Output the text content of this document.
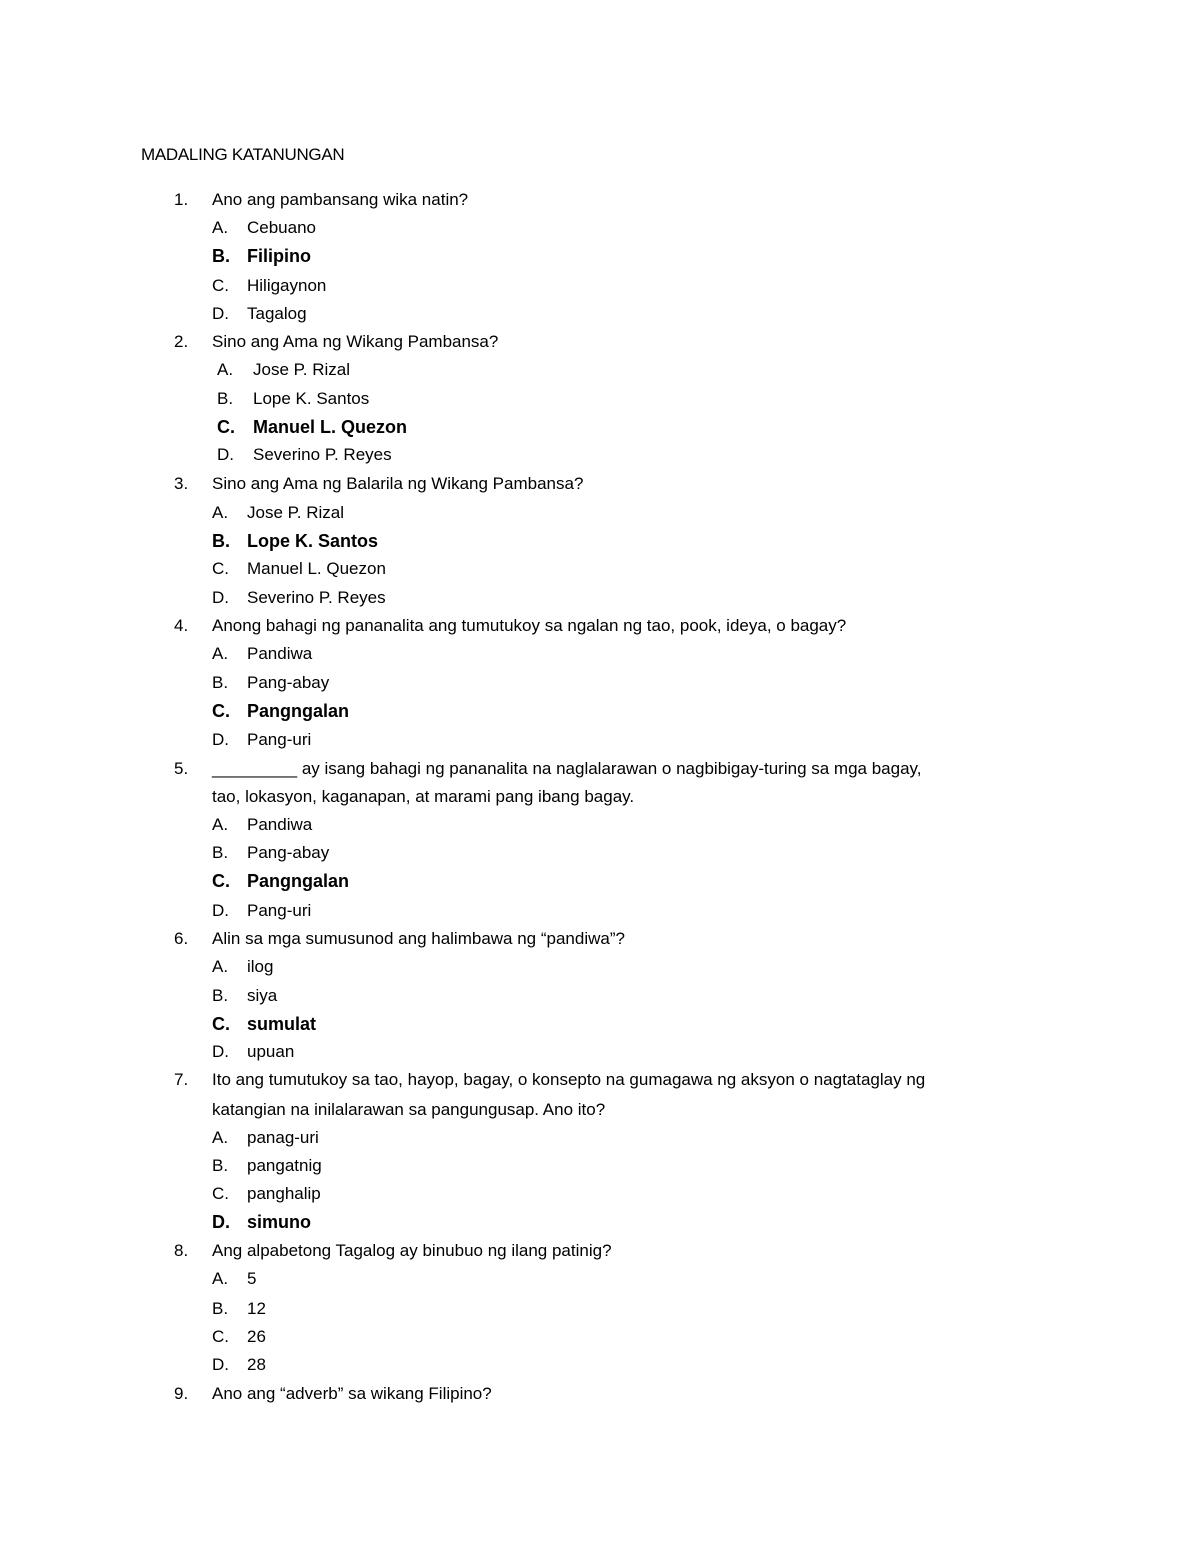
MADALING KATANUNGAN
1.	Ano ang pambansang wika natin?
A.	Cebuano
B. Filipino
C.	Hiligaynon
D.	Tagalog
2.	Sino ang Ama ng Wikang Pambansa?
A.	Jose P. Rizal
B.	Lope K. Santos
C.	Manuel L. Quezon
D.	Severino P. Reyes
3.	Sino ang Ama ng Balarila ng Wikang Pambansa?
A.	Jose P. Rizal
B. Lope K. Santos
C.	Manuel L. Quezon
D.	Severino P. Reyes
4.	Anong bahagi ng pananalita ang tumutukoy sa ngalan ng tao, pook, ideya, o bagay?
A.	Pandiwa
B.	Pang-abay
C. Pangngalan
D.	Pang-uri
5.	_________ ay isang bahagi ng pananalita na naglalarawan o nagbibigay-turing sa mga bagay,
tao, lokasyon, kaganapan, at marami pang ibang bagay.
A.	Pandiwa
B.	Pang-abay
C. Pangngalan
D.	Pang-uri
6.	Alin sa mga sumusunod ang halimbawa ng “pandiwa”?
A.	ilog
B.	siya
C. sumulat
D.	upuan
7.	Ito ang tumutukoy sa tao, hayop, bagay, o konsepto na gumagawa ng aksyon o nagtataglay ng
katangian na inilalarawan sa pangungusap. Ano ito?
A.	panag-uri
B.	pangatnig
C.	panghalip
D. simuno
8.	Ang alpabetong Tagalog ay binubuo ng ilang patinig?
A.	5
B.	12
C.	26
D.	28
9.	Ano ang “adverb” sa wikang Filipino?
